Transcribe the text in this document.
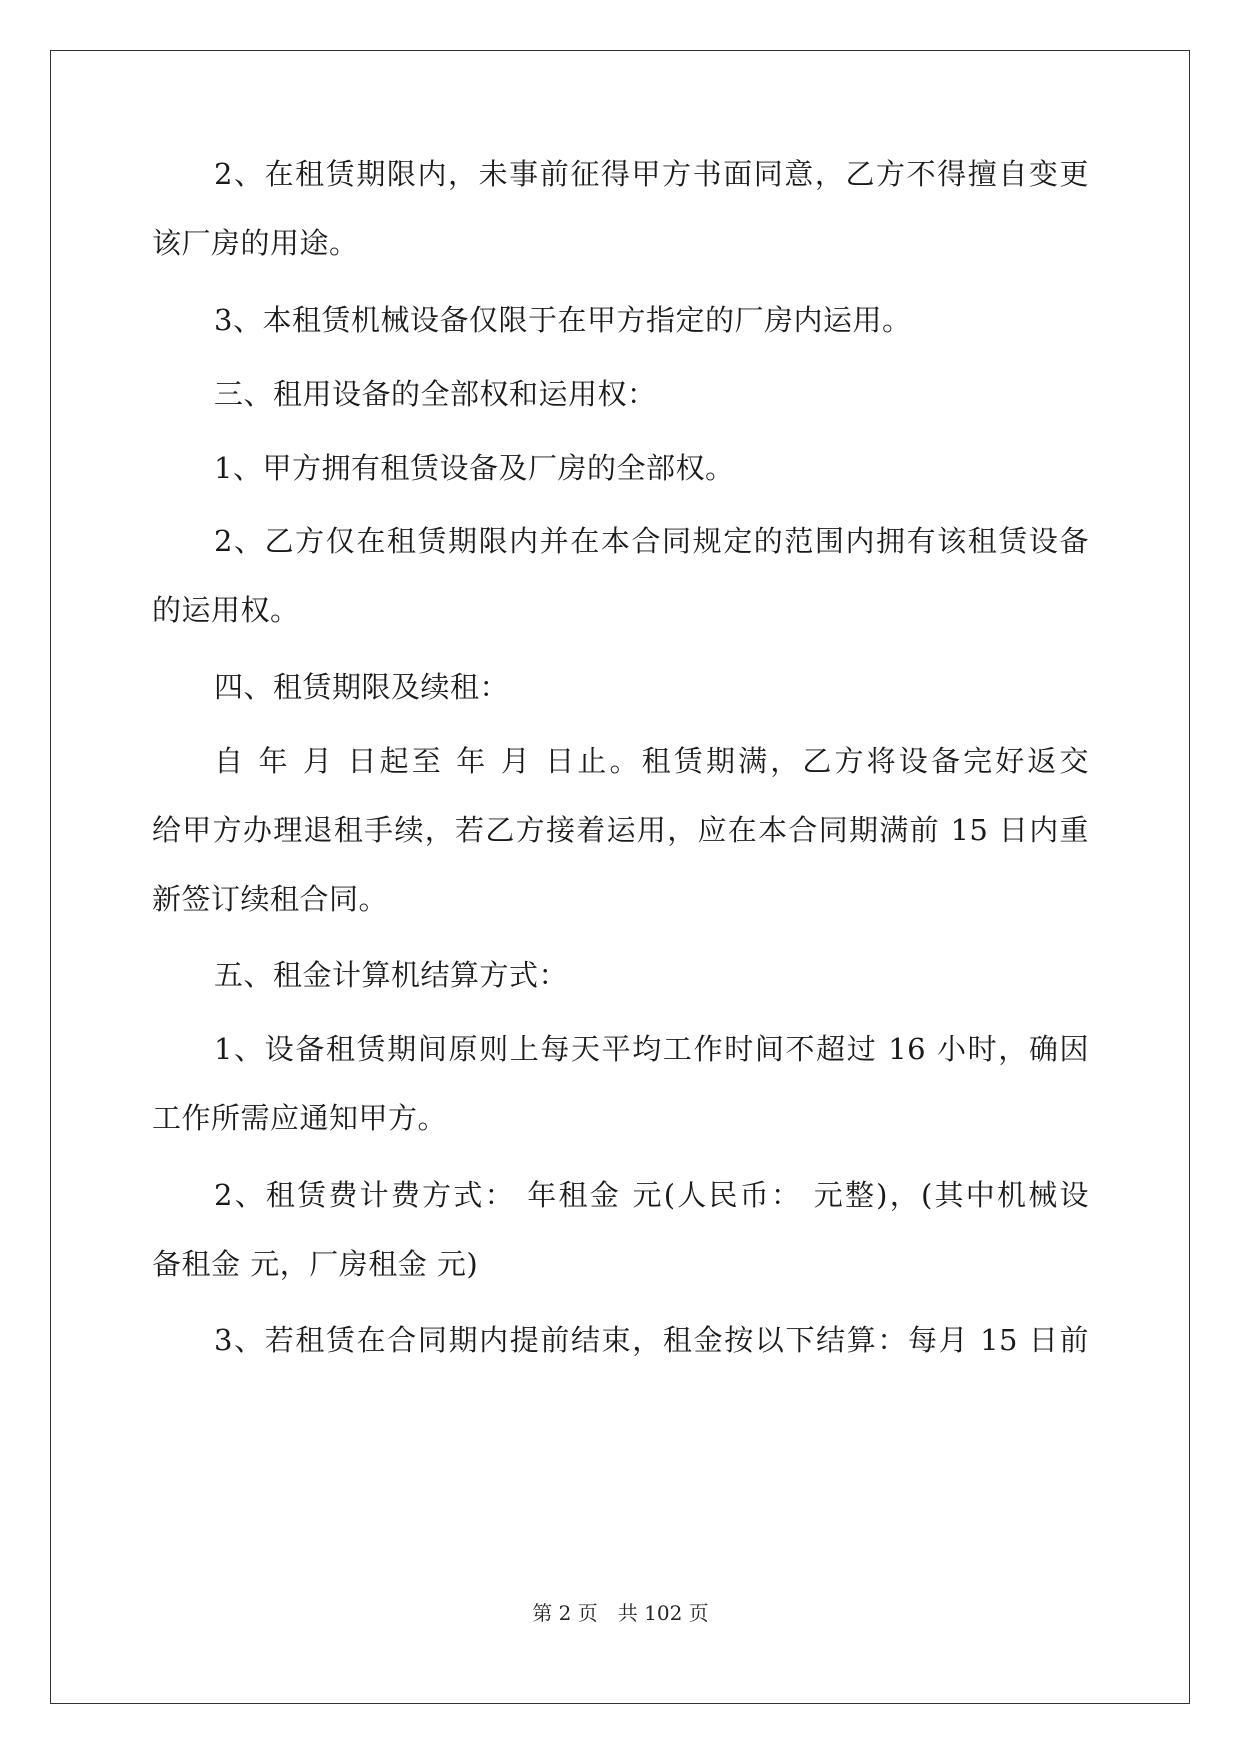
2、在租赁期限内，未事前征得甲方书面同意，乙方不得擅自变更
该厂房的用途。
3、本租赁机械设备仅限于在甲方指定的厂房内运用。
三、租用设备的全部权和运用权：
1、甲方拥有租赁设备及厂房的全部权。
2、乙方仅在租赁期限内并在本合同规定的范围内拥有该租赁设备
的运用权。
四、租赁期限及续租：
自 年 月 日起至 年 月 日止。租赁期满，乙方将设备完好返交
给甲方办理退租手续，若乙方接着运用，应在本合同期满前 15 日内重
新签订续租合同。
五、租金计算机结算方式：
1、设备租赁期间原则上每天平均工作时间不超过 16 小时，确因
工作所需应通知甲方。
2、租赁费计费方式： 年租金 元(人民币： 元整)，(其中机械设
备租金 元，厂房租金 元)
3、若租赁在合同期内提前结束，租金按以下结算：每月 15 日前
第 2 页　共 102 页
